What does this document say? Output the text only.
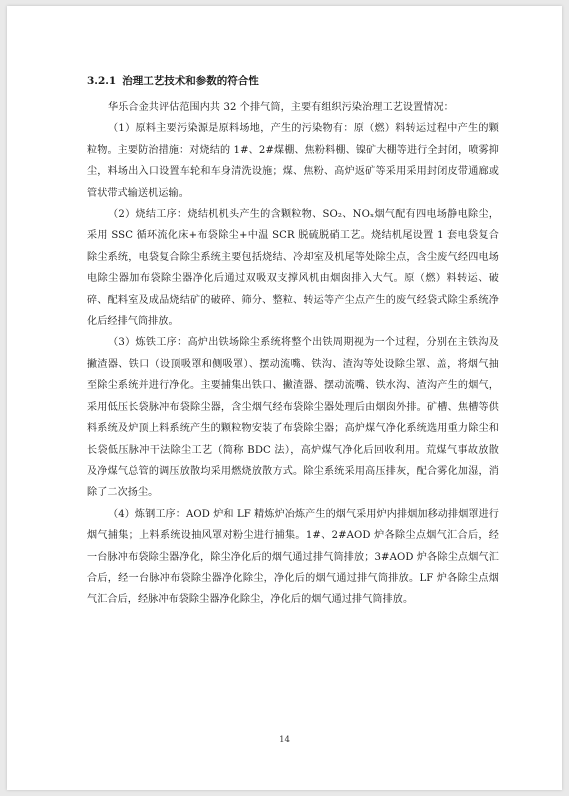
3.2.1 治理工艺技术和参数的符合性

华乐合金共评估范围内共 32 个排气筒，主要有组织污染治理工艺设置情况：

（1）原料主要污染源是原料场地，产生的污染物有：原（燃）料转运过程中产生的颗粒物。主要防治措施：对烧结的 1#、2#煤棚、焦粉料棚、镍矿大棚等进行全封闭，喷雾抑尘，料场出入口设置车轮和车身清洗设施；煤、焦粉、高炉返矿等采用采用封闭皮带通廊或管状带式输送机运输。

（2）烧结工序：烧结机机头产生的含颗粒物、SO₂、NOₓ烟气配有四电场静电除尘，采用 SSC 循环流化床+布袋除尘+中温 SCR 脱硫脱硝工艺。烧结机尾设置 1 套电袋复合除尘系统，电袋复合除尘系统主要包括烧结、冷却室及机尾等处除尘点，含尘废气经四电场电除尘器加布袋除尘器净化后通过双吸双支撑风机由烟囱排入大气。原（燃）料转运、破碎、配料室及成品烧结矿的破碎、筛分、整粒、转运等产尘点产生的废气经袋式除尘系统净化后经排气筒排放。

（3）炼铁工序：高炉出铁场除尘系统将整个出铁周期视为一个过程，分别在主铁沟及撇渣器、铁口（设顶吸罩和侧吸罩）、摆动流嘴、铁沟、渣沟等处设除尘罩、盖，将烟气抽至除尘系统并进行净化。主要捕集出铁口、撇渣器、摆动流嘴、铁水沟、渣沟产生的烟气，采用低压长袋脉冲布袋除尘器，含尘烟气经布袋除尘器处理后由烟囱外排。矿槽、焦槽等供料系统及炉顶上料系统产生的颗粒物安装了布袋除尘器；高炉煤气净化系统选用重力除尘和长袋低压脉冲干法除尘工艺（简称 BDC 法），高炉煤气净化后回收利用。荒煤气事故放散及净煤气总管的调压放散均采用燃烧放散方式。除尘系统采用高压排灰，配合雾化加湿，消除了二次扬尘。

（4）炼钢工序：AOD 炉和 LF 精炼炉冶炼产生的烟气采用炉内排烟加移动排烟罩进行烟气捕集；上料系统设抽风罩对粉尘进行捕集。1#、2#AOD 炉各除尘点烟气汇合后，经一台脉冲布袋除尘器净化，除尘净化后的烟气通过排气筒排放；3#AOD 炉各除尘点烟气汇合后，经一台脉冲布袋除尘器净化除尘，净化后的烟气通过排气筒排放。LF 炉各除尘点烟气汇合后，经脉冲布袋除尘器净化除尘，净化后的烟气通过排气筒排放。

14
